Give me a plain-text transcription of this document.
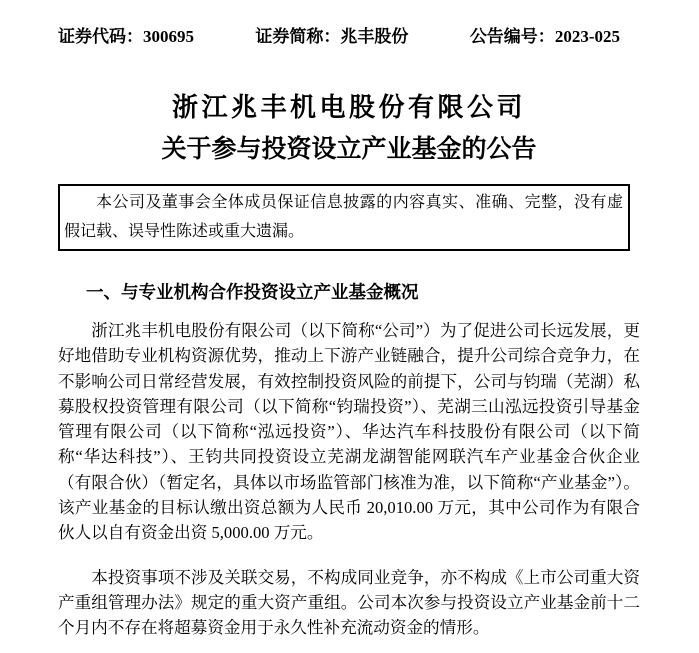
证券代码：300695	证券简称：兆丰股份	公告编号：2023-025
浙江兆丰机电股份有限公司
关于参与投资设立产业基金的公告

本公司及董事会全体成员保证信息披露的内容真实、准确、完整，没有虚假记载、误导性陈述或重大遗漏。

一、与专业机构合作投资设立产业基金概况

浙江兆丰机电股份有限公司（以下简称“公司”）为了促进公司长远发展，更好地借助专业机构资源优势，推动上下游产业链融合，提升公司综合竞争力，在不影响公司日常经营发展，有效控制投资风险的前提下，公司与钧瑞（芜湖）私募股权投资管理有限公司（以下简称“钧瑞投资”）、芜湖三山泓远投资引导基金管理有限公司（以下简称“泓远投资”）、华达汽车科技股份有限公司（以下简称“华达科技”）、王钧共同投资设立芜湖龙湖智能网联汽车产业基金合伙企业（有限合伙）（暂定名，具体以市场监管部门核准为准，以下简称“产业基金”）。该产业基金的目标认缴出资总额为人民币 20,010.00 万元，其中公司作为有限合伙人以自有资金出资 5,000.00 万元。

本投资事项不涉及关联交易，不构成同业竞争，亦不构成《上市公司重大资产重组管理办法》规定的重大资产重组。公司本次参与投资设立产业基金前十二个月内不存在将超募资金用于永久性补充流动资金的情形。
